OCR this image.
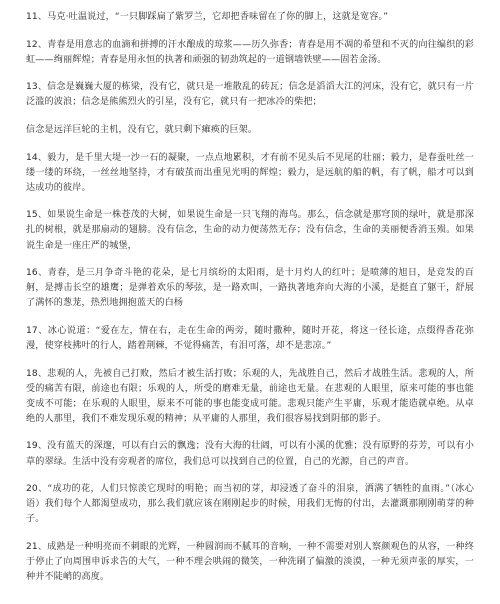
11、马克·吐温说过，“一只脚踩扁了紫罗兰，它却把香味留在了你的脚上，这就是宽容。”

12、青春是用意志的血滴和拼搏的汗水酿成的琼浆——历久弥香；青春是用不凋的希望和不灭的向往编织的彩虹——绚丽辉煌；青春是用永恒的执著和顽强的韧劲筑起的一道钢墙铁壁——固若金汤。

13、信念是巍巍大厦的栋梁，没有它，就只是一堆散乱的砖瓦；信念是滔滔大江的河床，没有它，就只有一片泛滥的波浪；信念是熊熊烈火的引星，没有它，就只有一把冰冷的柴把；

信念是远洋巨轮的主机，没有它，就只剩下瘫痪的巨架。

14、毅力，是千里大堤一沙一石的凝聚，一点点地累积，才有前不见头后不见尾的壮丽；毅力，是春蚕吐丝一缕一缕的环绕，一丝丝地坚持，才有破茧而出重见光明的辉煌；毅力，是远航的船的帆，有了帆，船才可以到达成功的彼岸。

15、如果说生命是一株苍茂的大树，如果说生命是一只飞翔的海鸟。那么，信念就是那穹顶的绿叶，就是那深扎的树根，就是那扇动的翅膀。没有信念，生命的动力便荡然无存；没有信念，生命的美丽便香消玉殒。如果说生命是一座庄严的城堡，

16、青春，是三月争奇斗艳的花朵，是七月缤纷的太阳雨，是十月灼人的红叶；是喷薄的旭日，是竞发的百舸，是搏击长空的雄鹰；是弹着欢乐的琴弦，是一路欢叫，一路执著地奔向大海的小溪，是挺直了躯干，舒展了满怀的葱茏，热烈地拥抱蓝天的白杨

17、冰心说道：“爱在左，情在右，走在生命的两旁，随时撒种，随时开花，将这一径长途，点缀得香花弥漫，使穿枝拂叶的行人，踏着荆棘，不觉得痛苦，有泪可落，却不是悲凉。”

18、悲观的人，先被自己打败，然后才被生活打败；乐观的人，先战胜自己，然后才战胜生活。悲观的人，所受的痛苦有限，前途也有限；乐观的人，所受的磨难无量，前途也无量。在悲观的人眼里，原来可能的事也能变成不可能；在乐观的人眼里，原来不可能的事也能变成可能。悲观只能产生平庸，乐观才能造就卓绝。从卓绝的人那里，我们不难发现乐观的精神；从平庸的人那里，我们很容易找到阴郁的影子。

19、没有蓝天的深邃，可以有白云的飘逸；没有大海的壮阔，可以有小溪的优雅；没有原野的芬芳，可以有小草的翠绿。生活中没有旁观者的席位，我们总可以找到自己的位置，自己的光源，自己的声音。

20、“成功的花，人们只惊羡它现时的明艳；而当初的芽，却浸透了奋斗的泪泉，洒满了牺牲的血雨。”（冰心语）我们每个人都渴望成功，那么我们就应该在刚刚起步的时候，用我们无悔的付出，去灌溉那刚刚萌芽的种子。

21、成熟是一种明亮而不刺眼的光辉，一种圆润而不腻耳的音响，一种不需要对别人察颜观色的从容，一种终于停止了向周围申诉求告的大气，一种不理会哄闹的微笑，一种洗刷了偏激的淡漠，一种无须声张的厚实，一种并不陡峭的高度。
